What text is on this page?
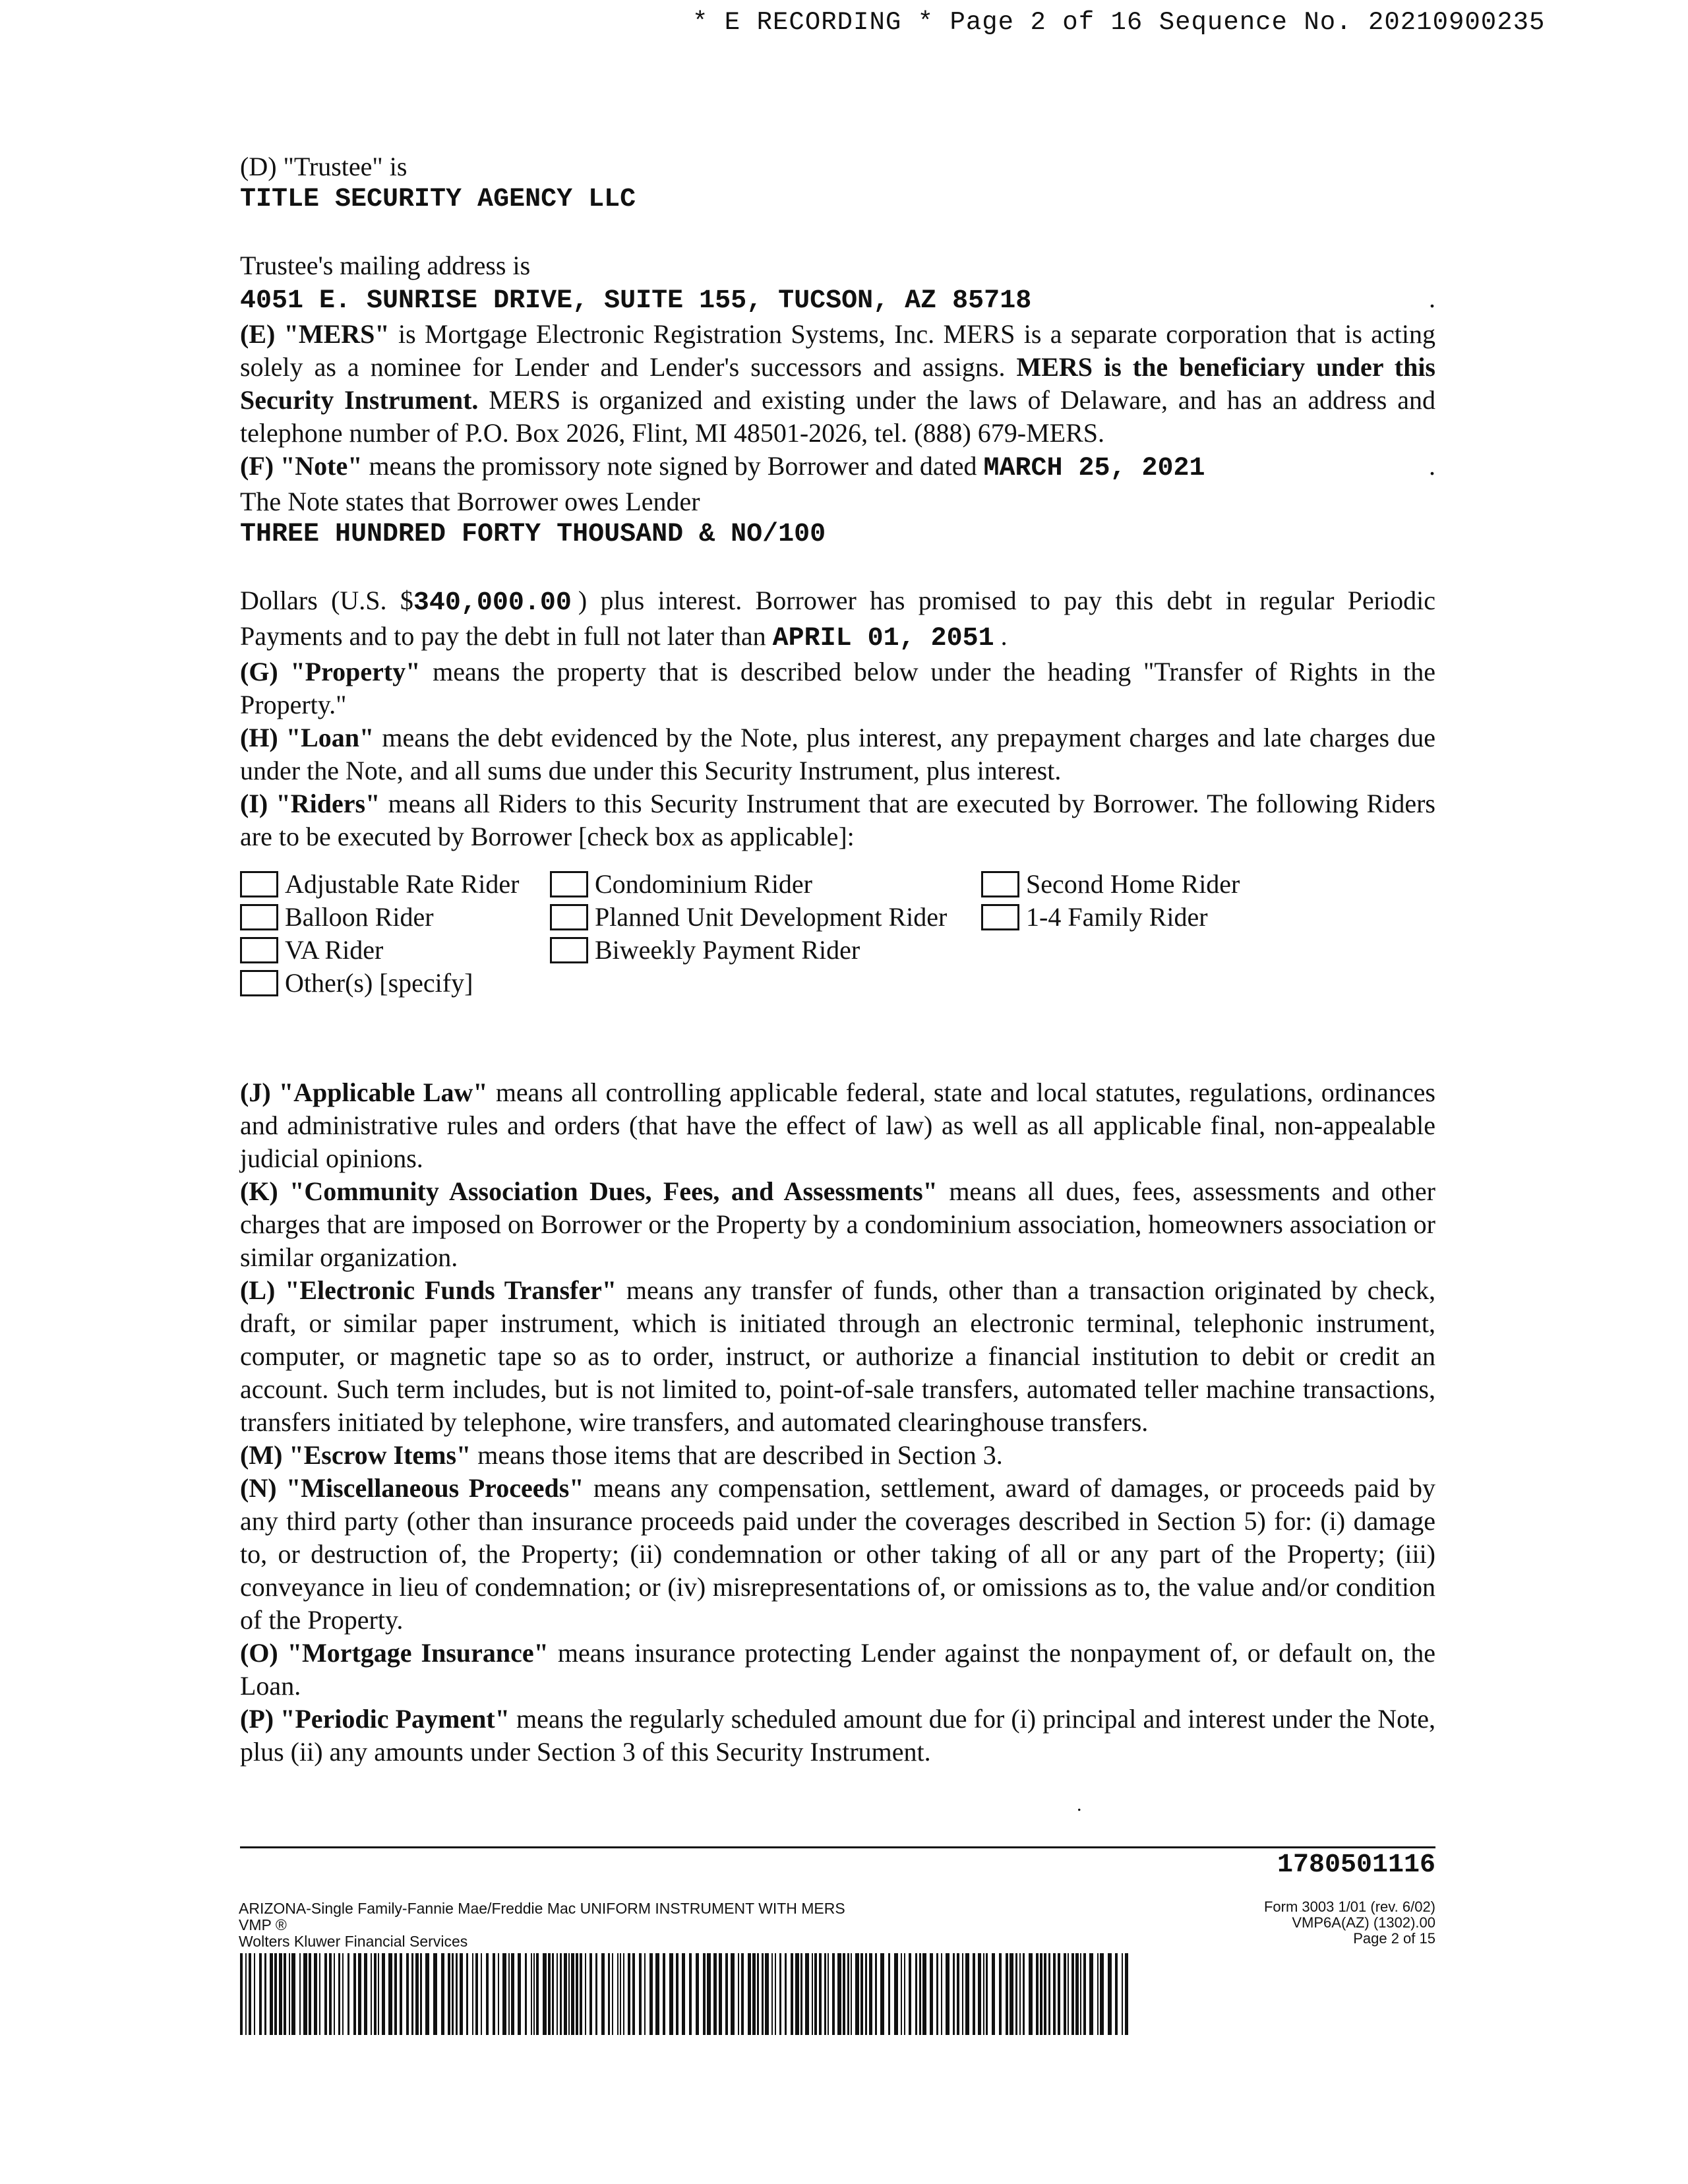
* E RECORDING * Page 2 of 16 Sequence No. 20210900235

(D) "Trustee" is

TITLE SECURITY AGENCY LLC

Trustee's mailing address is

4051 E. SUNRISE DRIVE, SUITE 155, TUCSON, AZ 85718	.

(E) "MERS" is Mortgage Electronic Registration Systems, Inc. MERS is a separate corporation that is acting solely as a nominee for Lender and Lender's successors and assigns. MERS is the beneficiary under this Security Instrument. MERS is organized and existing under the laws of Delaware, and has an address and telephone number of P.O. Box 2026, Flint, MI 48501-2026, tel. (888) 679-MERS.

(F) "Note" means the promissory note signed by Borrower and dated MARCH 25, 2021	.

The Note states that Borrower owes Lender

THREE HUNDRED FORTY THOUSAND & NO/100

Dollars (U.S. $340,000.00 ) plus interest. Borrower has promised to pay this debt in regular Periodic Payments and to pay the debt in full not later than APRIL 01, 2051 .

(G) "Property" means the property that is described below under the heading "Transfer of Rights in the Property."

(H) "Loan" means the debt evidenced by the Note, plus interest, any prepayment charges and late charges due under the Note, and all sums due under this Security Instrument, plus interest.

(I) "Riders" means all Riders to this Security Instrument that are executed by Borrower. The following Riders are to be executed by Borrower [check box as applicable]:

Adjustable Rate Rider	Condominium Rider	Second Home Rider
Balloon Rider	Planned Unit Development Rider	1-4 Family Rider
VA Rider	Biweekly Payment Rider
Other(s) [specify]

(J) "Applicable Law" means all controlling applicable federal, state and local statutes, regulations, ordinances and administrative rules and orders (that have the effect of law) as well as all applicable final, non-appealable judicial opinions.

(K) "Community Association Dues, Fees, and Assessments" means all dues, fees, assessments and other charges that are imposed on Borrower or the Property by a condominium association, homeowners association or similar organization.

(L) "Electronic Funds Transfer" means any transfer of funds, other than a transaction originated by check, draft, or similar paper instrument, which is initiated through an electronic terminal, telephonic instrument, computer, or magnetic tape so as to order, instruct, or authorize a financial institution to debit or credit an account. Such term includes, but is not limited to, point-of-sale transfers, automated teller machine transactions, transfers initiated by telephone, wire transfers, and automated clearinghouse transfers.

(M) "Escrow Items" means those items that are described in Section 3.

(N) "Miscellaneous Proceeds" means any compensation, settlement, award of damages, or proceeds paid by any third party (other than insurance proceeds paid under the coverages described in Section 5) for: (i) damage to, or destruction of, the Property; (ii) condemnation or other taking of all or any part of the Property; (iii) conveyance in lieu of condemnation; or (iv) misrepresentations of, or omissions as to, the value and/or condition of the Property.

(O) "Mortgage Insurance" means insurance protecting Lender against the nonpayment of, or default on, the Loan.

(P) "Periodic Payment" means the regularly scheduled amount due for (i) principal and interest under the Note, plus (ii) any amounts under Section 3 of this Security Instrument.

.
1780501116
ARIZONA-Single Family-Fannie Mae/Freddie Mac UNIFORM INSTRUMENT WITH MERS
VMP ®
Wolters Kluwer Financial Services
Form 3003 1/01 (rev. 6/02)
VMP6A(AZ) (1302).00
Page 2 of 15
